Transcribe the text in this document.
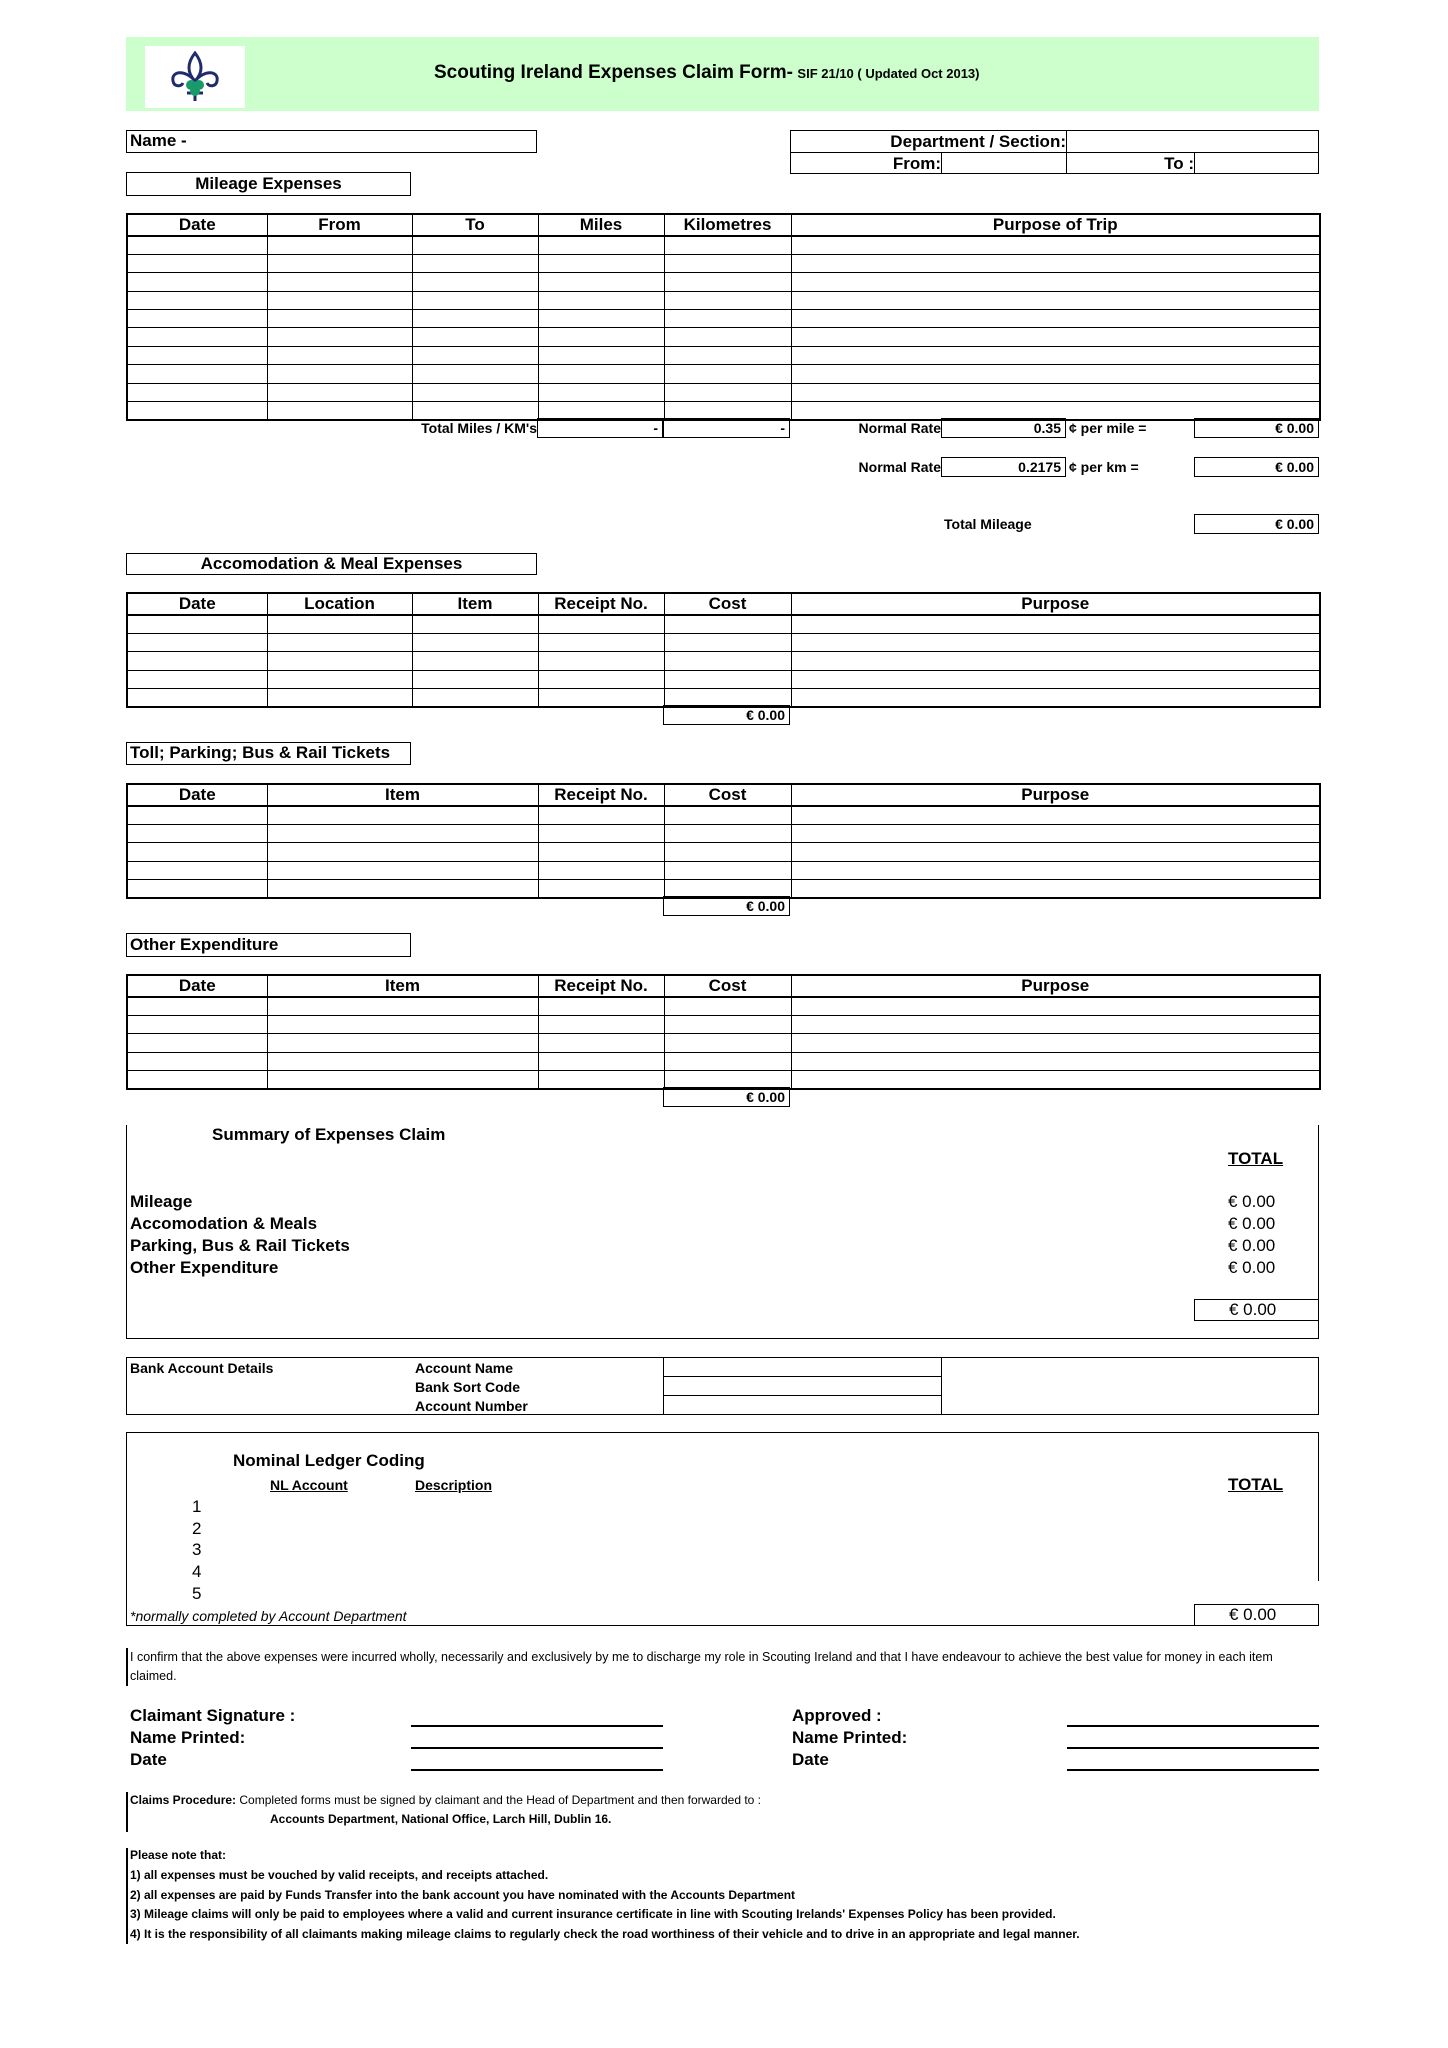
Scouting Ireland Expenses Claim Form- SIF 21/10 ( Updated Oct 2013)
Name -	Department / Section:
From:	To :
Mileage Expenses
Date	From	To	Miles	Kilometres	Purpose of Trip

Total Miles / KM's	-	-	Normal Rate	0.35 ¢ per mile =	€ 0.00
Normal Rate	0.2175 ¢ per km =	€ 0.00
Total Mileage	€ 0.00
Accomodation & Meal Expenses
Date	Location	Item	Receipt No.	Cost	Purpose

€ 0.00
Toll; Parking; Bus & Rail Tickets
Date	Item	Receipt No.	Cost	Purpose

€ 0.00
Other Expenditure
Date	Item	Receipt No.	Cost	Purpose

€ 0.00
Summary of Expenses Claim
TOTAL
Mileage	€ 0.00
Accomodation & Meals	€ 0.00
Parking, Bus & Rail Tickets	€ 0.00
Other Expenditure	€ 0.00
€ 0.00
Bank Account Details	Account Name
Bank Sort Code
Account Number
Nominal Ledger Coding
NL Account	Description	TOTAL
1
2
3
4
5
*normally completed by Account Department	€ 0.00
I confirm that the above expenses were incurred wholly, necessarily and exclusively by me to discharge my role in Scouting Ireland and that I have endeavour to achieve the best value for money in each item claimed.
Claimant Signature :
Name Printed:
Date
Approved :
Name Printed:
Date
Claims Procedure: Completed forms must be signed by claimant and the Head of Department and then forwarded to :
Accounts Department, National Office, Larch Hill, Dublin 16.
Please note that:
1) all expenses must be vouched by valid receipts, and receipts attached.
2) all expenses are paid by Funds Transfer into the bank account you have nominated with the Accounts Department
3) Mileage claims will only be paid to employees where a valid and current insurance certificate in line with Scouting Irelands' Expenses Policy has been provided.
4) It is the responsibility of all claimants making mileage claims to regularly check the road worthiness of their vehicle and to drive in an appropriate and legal manner.
